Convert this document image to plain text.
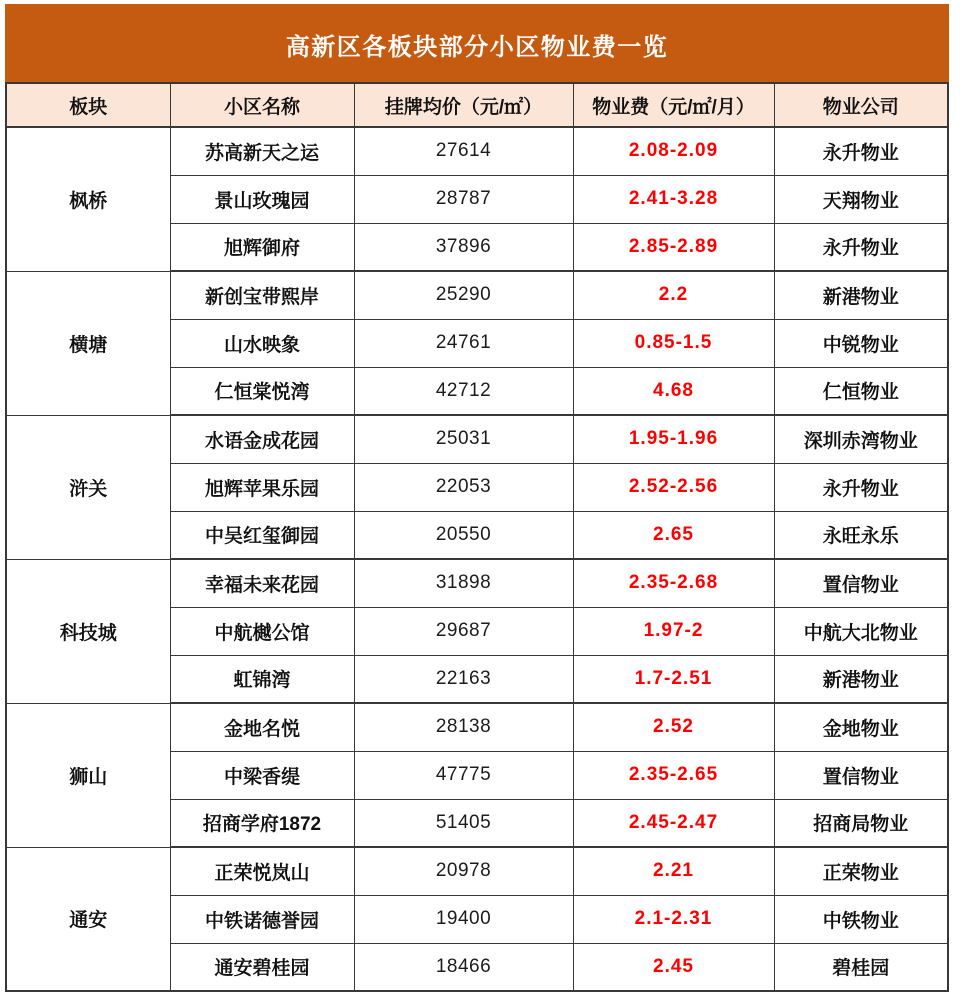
高新区各板块部分小区物业费一览				
板块	小区名称	挂牌均价（元/㎡）	物业费（元/㎡/月）	物业公司
枫桥	苏高新天之运	27614	2.08-2.09	永升物业
	景山玫瑰园	28787	2.41-3.28	天翔物业
	旭辉御府	37896	2.85-2.89	永升物业
横塘	新创宝带熙岸	25290	2.2	新港物业
	山水映象	24761	0.85-1.5	中锐物业
	仁恒棠悦湾	42712	4.68	仁恒物业
浒关	水语金成花园	25031	1.95-1.96	深圳赤湾物业
	旭辉苹果乐园	22053	2.52-2.56	永升物业
	中吴红玺御园	20550	2.65	永旺永乐
科技城	幸福未来花园	31898	2.35-2.68	置信物业
	中航樾公馆	29687	1.97-2	中航大北物业
	虹锦湾	22163	1.7-2.51	新港物业
狮山	金地名悦	28138	2.52	金地物业
	中梁香缇	47775	2.35-2.65	置信物业
	招商学府1872	51405	2.45-2.47	招商局物业
通安	正荣悦岚山	20978	2.21	正荣物业
	中铁诺德誉园	19400	2.1-2.31	中铁物业
	通安碧桂园	18466	2.45	碧桂园
